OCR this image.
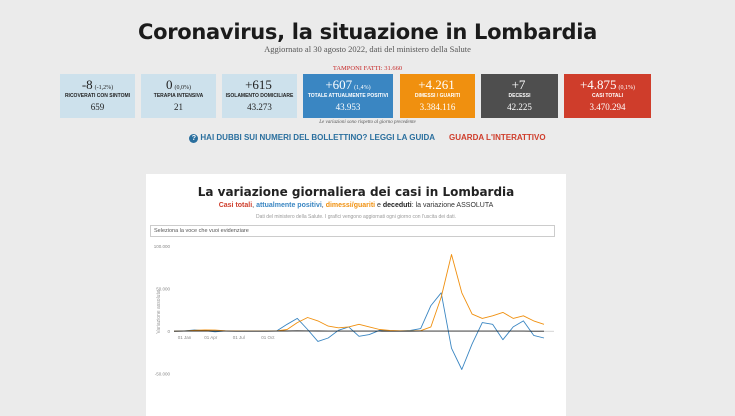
Coronavirus, la situazione in Lombardia
Aggiornato al 30 agosto 2022, dati del ministero della Salute
TAMPONI FATTI: 31.660
-8 (-1,2%)
RICOVERATI CON SINTOMI
659
0 (0,0%)
TERAPIA INTENSIVA
21
+615
ISOLAMENTO DOMICILIARE
43.273
+607 (1,4%)
TOTALE ATTUALMENTE POSITIVI
43.953
+4.261
DIMESSI / GUARITI
3.384.116
+7
DECESSI
42.225
+4.875 (0,1%)
CASI TOTALI
3.470.294
Le variazioni sono rispetto al giorno precedente
? HAI DUBBI SUI NUMERI DEL BOLLETTINO? LEGGI LA GUIDA GUARDA L'INTERATTIVO
La variazione giornaliera dei casi in Lombardia
Casi totali, attualmente positivi, dimessi/guariti e deceduti: la variazione ASSOLUTA
Dati del ministero della Salute. I grafici vengono aggiornati ogni giorno con l'uscita dei dati.
Seleziona la voce che vuoi evidenziare
100.000
50.000
0
-50.000
Variazione assoluta
01 Jan	01 Apr	01 Jul	01 Oct
